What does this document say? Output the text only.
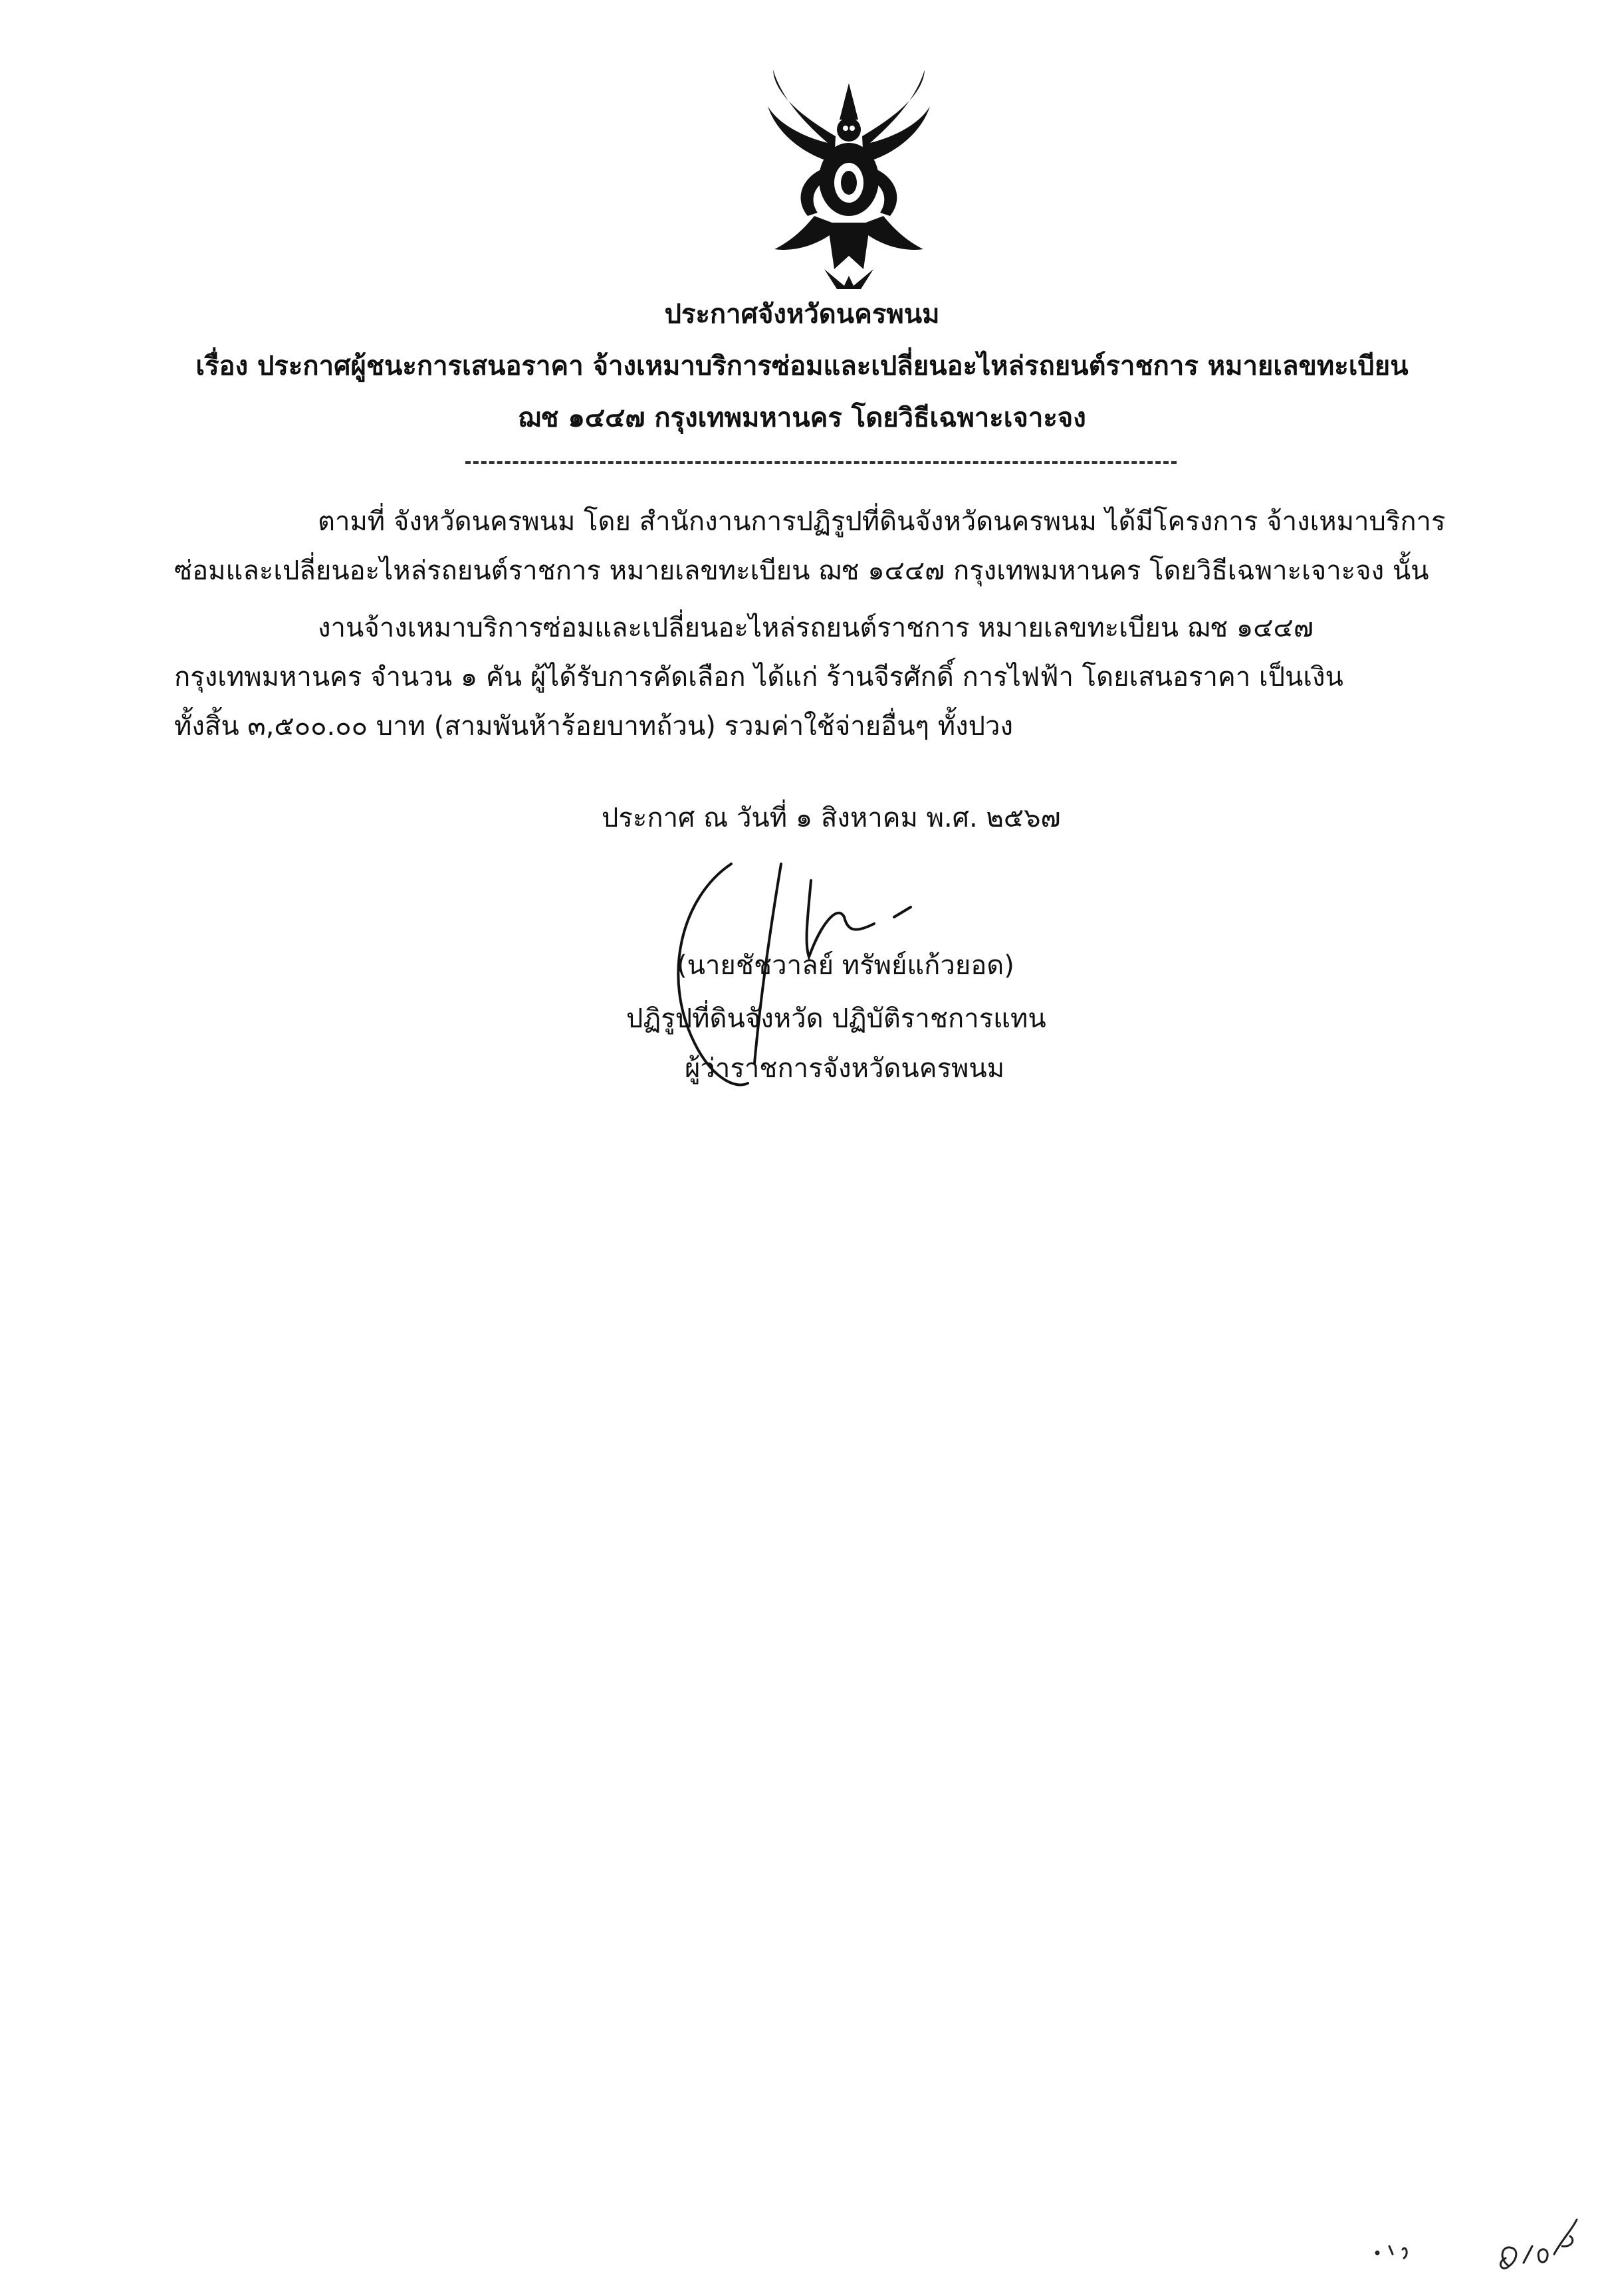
ประกาศจังหวัดนครพนม
เรื่อง ประกาศผู้ชนะการเสนอราคา จ้างเหมาบริการซ่อมและเปลี่ยนอะไหล่รถยนต์ราชการ หมายเลขทะเบียน
ฌช ๑๔๔๗ กรุงเทพมหานคร โดยวิธีเฉพาะเจาะจง
ตามที่ จังหวัดนครพนม โดย สำนักงานการปฏิรูปที่ดินจังหวัดนครพนม ได้มีโครงการ จ้างเหมาบริการ
ซ่อมและเปลี่ยนอะไหล่รถยนต์ราชการ หมายเลขทะเบียน ฌช ๑๔๔๗ กรุงเทพมหานคร โดยวิธีเฉพาะเจาะจง นั้น
งานจ้างเหมาบริการซ่อมและเปลี่ยนอะไหล่รถยนต์ราชการ หมายเลขทะเบียน ฌช ๑๔๔๗
กรุงเทพมหานคร จำนวน ๑ คัน ผู้ได้รับการคัดเลือก ได้แก่ ร้านจีรศักดิ์ การไฟฟ้า โดยเสนอราคา เป็นเงิน
ทั้งสิ้น ๓,๕๐๐.๐๐ บาท (สามพันห้าร้อยบาทถ้วน) รวมค่าใช้จ่ายอื่นๆ ทั้งปวง
ประกาศ ณ วันที่ ๑ สิงหาคม พ.ศ. ๒๕๖๗
(นายชัชวาลย์ ทรัพย์แก้วยอด)
ปฏิรูปที่ดินจังหวัด ปฏิบัติราชการแทน
ผู้ว่าราชการจังหวัดนครพนม
